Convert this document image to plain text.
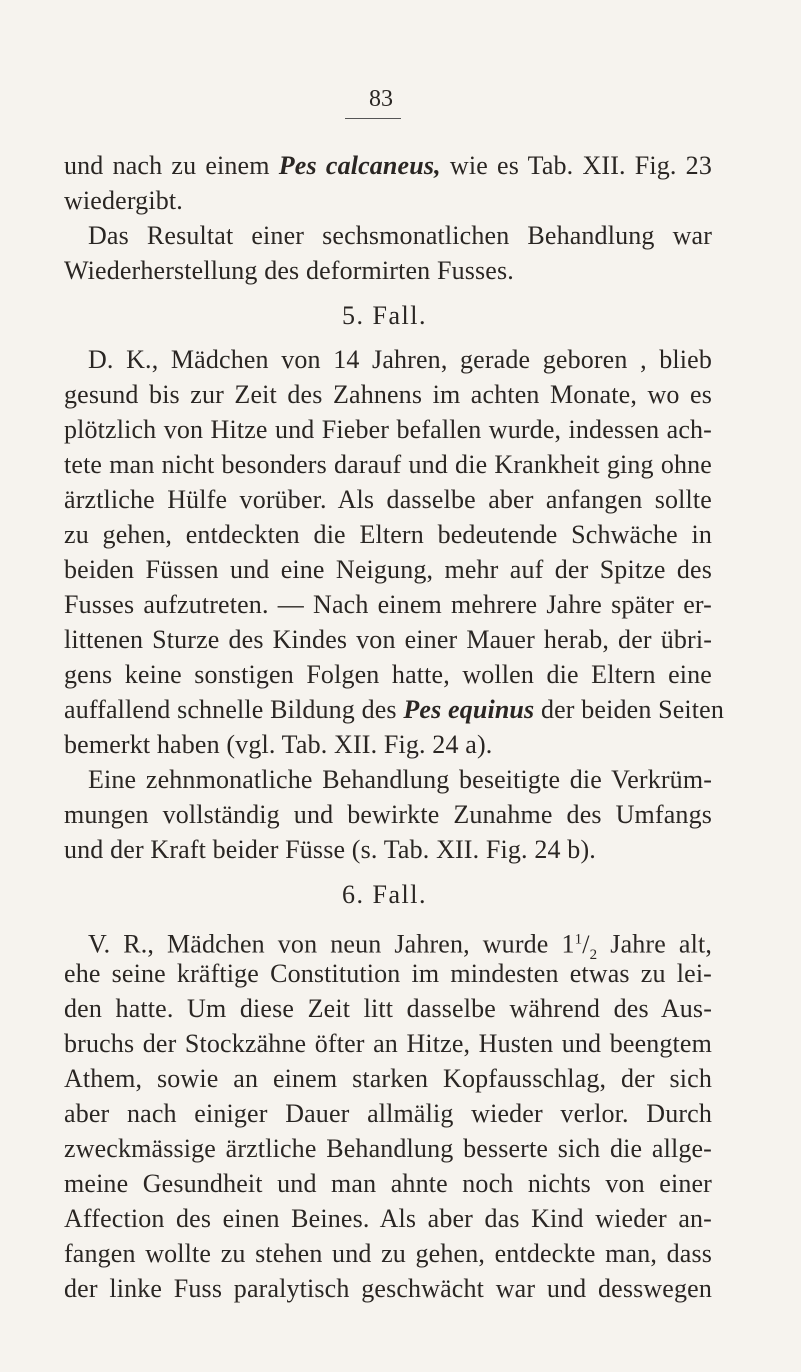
83
und nach zu einem Pes calcaneus, wie es Tab. XII. Fig. 23
wiedergibt.
Das Resultat einer sechsmonatlichen Behandlung war
Wiederherstellung des deformirten Fusses.
5. Fall.
D. K., Mädchen von 14 Jahren, gerade geboren , blieb
gesund bis zur Zeit des Zahnens im achten Monate, wo es
plötzlich von Hitze und Fieber befallen wurde, indessen ach-
tete man nicht besonders darauf und die Krankheit ging ohne
ärztliche Hülfe vorüber. Als dasselbe aber anfangen sollte
zu gehen, entdeckten die Eltern bedeutende Schwäche in
beiden Füssen und eine Neigung, mehr auf der Spitze des
Fusses aufzutreten. — Nach einem mehrere Jahre später er-
littenen Sturze des Kindes von einer Mauer herab, der übri-
gens keine sonstigen Folgen hatte, wollen die Eltern eine
auffallend schnelle Bildung des Pes equinus der beiden Seiten
bemerkt haben (vgl. Tab. XII. Fig. 24 a).
Eine zehnmonatliche Behandlung beseitigte die Verkrüm-
mungen vollständig und bewirkte Zunahme des Umfangs
und der Kraft beider Füsse (s. Tab. XII. Fig. 24 b).
6. Fall.
V. R., Mädchen von neun Jahren, wurde $1^1/_2$ Jahre alt,
ehe seine kräftige Constitution im mindesten etwas zu lei-
den hatte. Um diese Zeit litt dasselbe während des Aus-
bruchs der Stockzähne öfter an Hitze, Husten und beengtem
Athem, sowie an einem starken Kopfausschlag, der sich
aber nach einiger Dauer allmälig wieder verlor. Durch
zweckmässige ärztliche Behandlung besserte sich die allge-
meine Gesundheit und man ahnte noch nichts von einer
Affection des einen Beines. Als aber das Kind wieder an-
fangen wollte zu stehen und zu gehen, entdeckte man, dass
der linke Fuss paralytisch geschwächt war und desswegen
